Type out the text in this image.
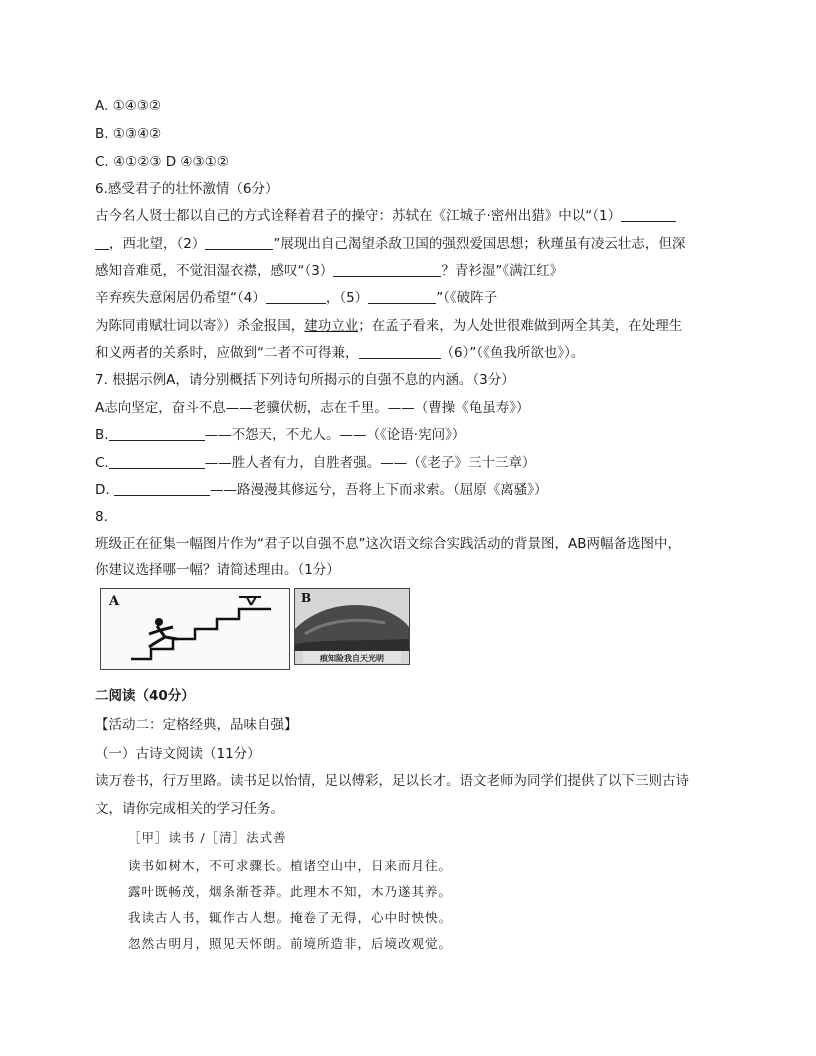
A. ①④③②
B. ①③④②
C. ④①②③ D ④③①②
6.感受君子的壮怀激情（6分）
古今名人贤士都以自己的方式诠释着君子的操守：苏轼在《江城子·密州出猎》中以“（1）
，西北望，（2）	”展现出自己渴望杀敌卫国的强烈爱国思想；秋瑾虽有凌云壮志，但深
感知音难觅，不觉泪湿衣襟，感叹“（3）	？青衫湿”《满江红》
辛弃疾失意闲居仍希望“（4）	，（5）	”（《破阵子
为陈同甫赋壮词以寄》）杀金报国，建功立业；在孟子看来，为人处世很难做到两全其美，在处理生
和义两者的关系时，应做到“二者不可得兼，	（6）”（《鱼我所欲也》）。
7. 根据示例A，请分别概括下列诗句所揭示的自强不息的内涵。（3分）
A志向坚定，奋斗不息——老骥伏枥，志在千里。——（曹操《龟虽寿》）
B.	——不怨天，不尤人。——（《论语·宪问》）
C.	——胜人者有力，自胜者强。——（《老子》三十三章）
D.	——路漫漫其修远兮，吾将上下而求索。（屈原《离骚》）
8.
班级正在征集一幅图片作为“君子以自强不息”这次语文综合实践活动的背景图，AB两幅备选图中，
你建议选择哪一幅？请简述理由。（1分）
A	B
痕知险我自天光明
二阅读（40分）
【活动二：定格经典，品味自强】
（一）古诗文阅读（11分）
读万卷书，行万里路。读书足以怡情，足以傅彩，足以长才。语文老师为同学们提供了以下三则古诗
文，请你完成相关的学习任务。
［甲］读书 /［清］法式善
读书如树木，不可求骤长。植诸空山中，日来而月往。
露叶既畅茂，烟条渐苍莽。此理木不知，木乃遂其养。
我读古人书，辄作古人想。掩卷了无得，心中时怏怏。
忽然古明月，照见天怀朗。前境所造非，后境改观觉。
